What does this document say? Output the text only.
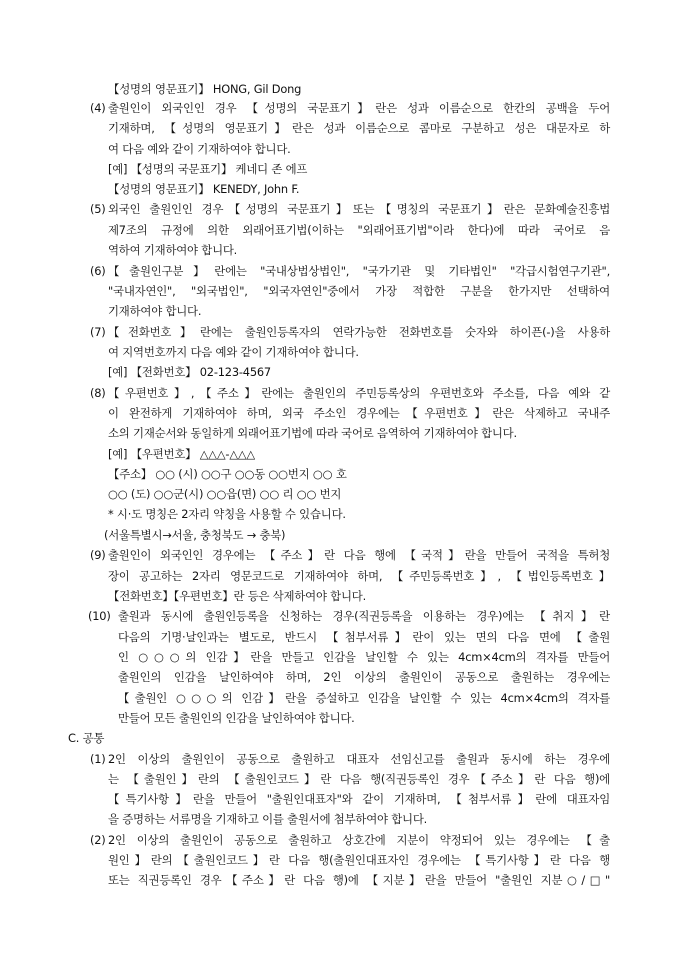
【성명의 영문표기】 HONG, Gil Dong
(4) 출원인이 외국인인 경우 【성명의 국문표기】란은 성과 이름순으로 한칸의 공백을 두어
기재하며, 【성명의 영문표기】란은 성과 이름순으로 콤마로 구분하고 성은 대문자로 하
여 다음 예와 같이 기재하여야 합니다.
[예] 【성명의 국문표기】 케네디 존 에프
【성명의 영문표기】 KENEDY, John F.
(5) 외국인 출원인인 경우【성명의 국문표기】또는【명칭의 국문표기】란은 문화예술진흥법
제7조의 규정에 의한 외래어표기법(이하는 "외래어표기법"이라 한다)에 따라 국어로 음
역하여 기재하여야 합니다.
(6) 【출원인구분】란에는 "국내상법상법인", "국가기관 및 기타법인" "각급시험연구기관",
"국내자연인", "외국법인", "외국자연인"중에서 가장 적합한 구분을 한가지만 선택하여
기재하여야 합니다.
(7) 【전화번호】란에는 출원인등록자의 연락가능한 전화번호를 숫자와 하이픈(-)을 사용하
여 지역번호까지 다음 예와 같이 기재하여야 합니다.
[예] 【전화번호】 02-123-4567
(8) 【우편번호】,【주소】란에는 출원인의 주민등록상의 우편번호와 주소를, 다음 예와 같
이 완전하게 기재하여야 하며, 외국 주소인 경우에는【우편번호】란은 삭제하고 국내주
소의 기재순서와 동일하게 외래어표기법에 따라 국어로 음역하여 기재하여야 합니다.
[예] 【우편번호】 △△△-△△△
【주소】 ○○ (시) ○○구 ○○동 ○○번지 ○○ 호
○○ (도) ○○군(시) ○○읍(면) ○○ 리 ○○ 번지
* 시·도 명칭은 2자리 약칭을 사용할 수 있습니다.
(서울특별시→서울, 충청북도 → 충북)
(9) 출원인이 외국인인 경우에는 【주소】란 다음 행에 【국적】란을 만들어 국적을 특허청
장이 공고하는 2자리 영문코드로 기재하여야 하며, 【주민등록번호】, 【법인등록번호】
【전화번호】【우편번호】란 등은 삭제하여야 합니다.
(10) 출원과 동시에 출원인등록을 신청하는 경우(직권등록을 이용하는 경우)에는 【취지】란
다음의 기명·날인과는 별도로, 반드시 【첨부서류】란이 있는 면의 다음 면에 【출원
인 ○○○의 인감】란을 만들고 인감을 날인할 수 있는 4cm×4cm의 격자를 만들어
출원인의 인감을 날인하여야 하며, 2인 이상의 출원인이 공동으로 출원하는 경우에는
【출원인 ○○○의 인감】란을 증설하고 인감을 날인할 수 있는 4cm×4cm의 격자를
만들어 모든 출원인의 인감을 날인하여야 합니다.
C. 공통
(1) 2인 이상의 출원인이 공동으로 출원하고 대표자 선임신고를 출원과 동시에 하는 경우에
는 【출원인】란의 【출원인코드】란 다음 행(직권등록인 경우【주소】란 다음 행)에
【특기사항】란을 만들어 "출원인대표자"와 같이 기재하며, 【첨부서류】란에 대표자임
을 증명하는 서류명을 기재하고 이를 출원서에 첨부하여야 합니다.
(2) 2인 이상의 출원인이 공동으로 출원하고 상호간에 지분이 약정되어 있는 경우에는 【출
원인】란의【출원인코드】란 다음 행(출원인대표자인 경우에는 【특기사항】란 다음 행
또는 직권등록인 경우【주소】란 다음 행)에 【지분】란을 만들어 "출원인 지분○/□"
